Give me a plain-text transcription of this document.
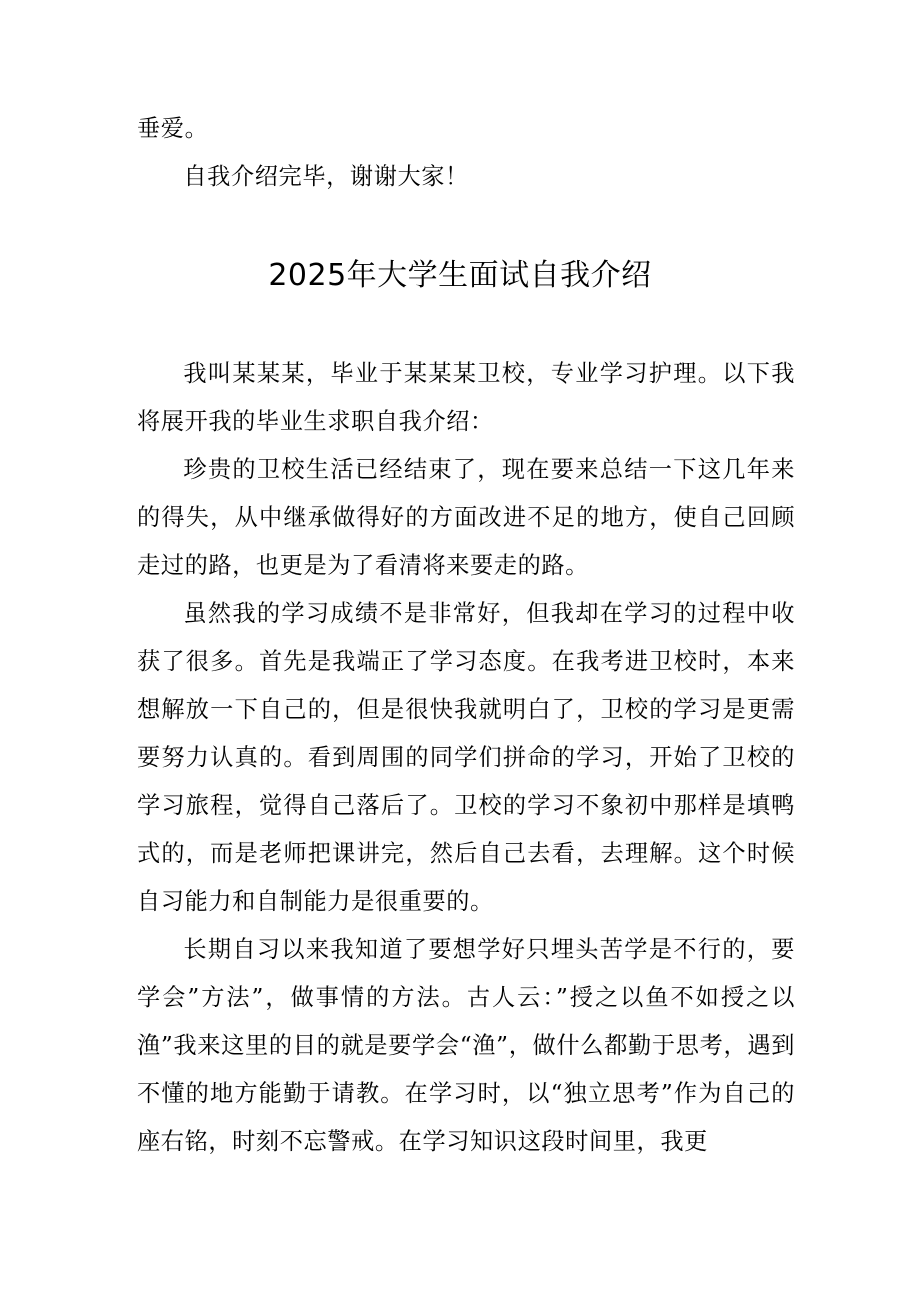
垂爱。

自我介绍完毕，谢谢大家！

2025年大学生面试自我介绍

我叫某某某，毕业于某某某卫校，专业学习护理。以下我将展开我的毕业生求职自我介绍：

珍贵的卫校生活已经结束了，现在要来总结一下这几年来的得失，从中继承做得好的方面改进不足的地方，使自己回顾走过的路，也更是为了看清将来要走的路。

虽然我的学习成绩不是非常好，但我却在学习的过程中收获了很多。首先是我端正了学习态度。在我考进卫校时，本来想解放一下自己的，但是很快我就明白了，卫校的学习是更需要努力认真的。看到周围的同学们拼命的学习，开始了卫校的学习旅程，觉得自己落后了。卫校的学习不象初中那样是填鸭式的，而是老师把课讲完，然后自己去看，去理解。这个时候自习能力和自制能力是很重要的。

长期自习以来我知道了要想学好只埋头苦学是不行的，要学会”方法”，做事情的方法。古人云：”授之以鱼不如授之以渔”我来这里的目的就是要学会“渔”，做什么都勤于思考，遇到不懂的地方能勤于请教。在学习时，以“独立思考”作为自己的座右铭，时刻不忘警戒。在学习知识这段时间里，我更
